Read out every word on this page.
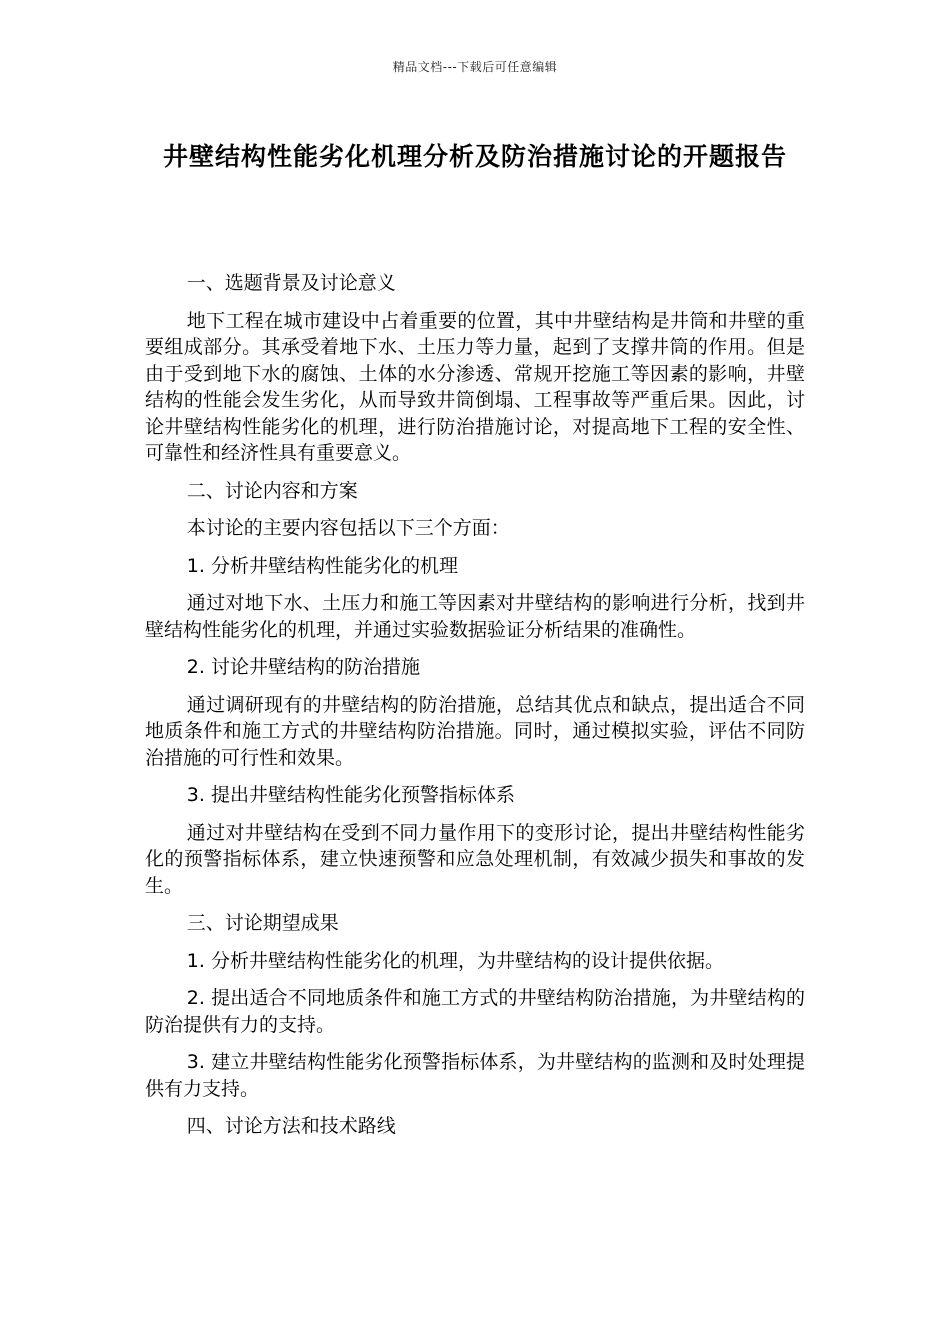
精品文档---下载后可任意编辑
井壁结构性能劣化机理分析及防治措施讨论的开题报告

一、选题背景及讨论意义

地下工程在城市建设中占着重要的位置，其中井壁结构是井筒和井壁的重要组成部分。其承受着地下水、土压力等力量，起到了支撑井筒的作用。但是由于受到地下水的腐蚀、土体的水分渗透、常规开挖施工等因素的影响，井壁结构的性能会发生劣化，从而导致井筒倒塌、工程事故等严重后果。因此，讨论井壁结构性能劣化的机理，进行防治措施讨论，对提高地下工程的安全性、可靠性和经济性具有重要意义。

二、讨论内容和方案

本讨论的主要内容包括以下三个方面：

1. 分析井壁结构性能劣化的机理

通过对地下水、土压力和施工等因素对井壁结构的影响进行分析，找到井壁结构性能劣化的机理，并通过实验数据验证分析结果的准确性。

2. 讨论井壁结构的防治措施

通过调研现有的井壁结构的防治措施，总结其优点和缺点，提出适合不同地质条件和施工方式的井壁结构防治措施。同时，通过模拟实验，评估不同防治措施的可行性和效果。

3. 提出井壁结构性能劣化预警指标体系

通过对井壁结构在受到不同力量作用下的变形讨论，提出井壁结构性能劣化的预警指标体系，建立快速预警和应急处理机制，有效减少损失和事故的发生。

三、讨论期望成果

1. 分析井壁结构性能劣化的机理，为井壁结构的设计提供依据。

2. 提出适合不同地质条件和施工方式的井壁结构防治措施，为井壁结构的防治提供有力的支持。

3. 建立井壁结构性能劣化预警指标体系，为井壁结构的监测和及时处理提供有力支持。

四、讨论方法和技术路线
